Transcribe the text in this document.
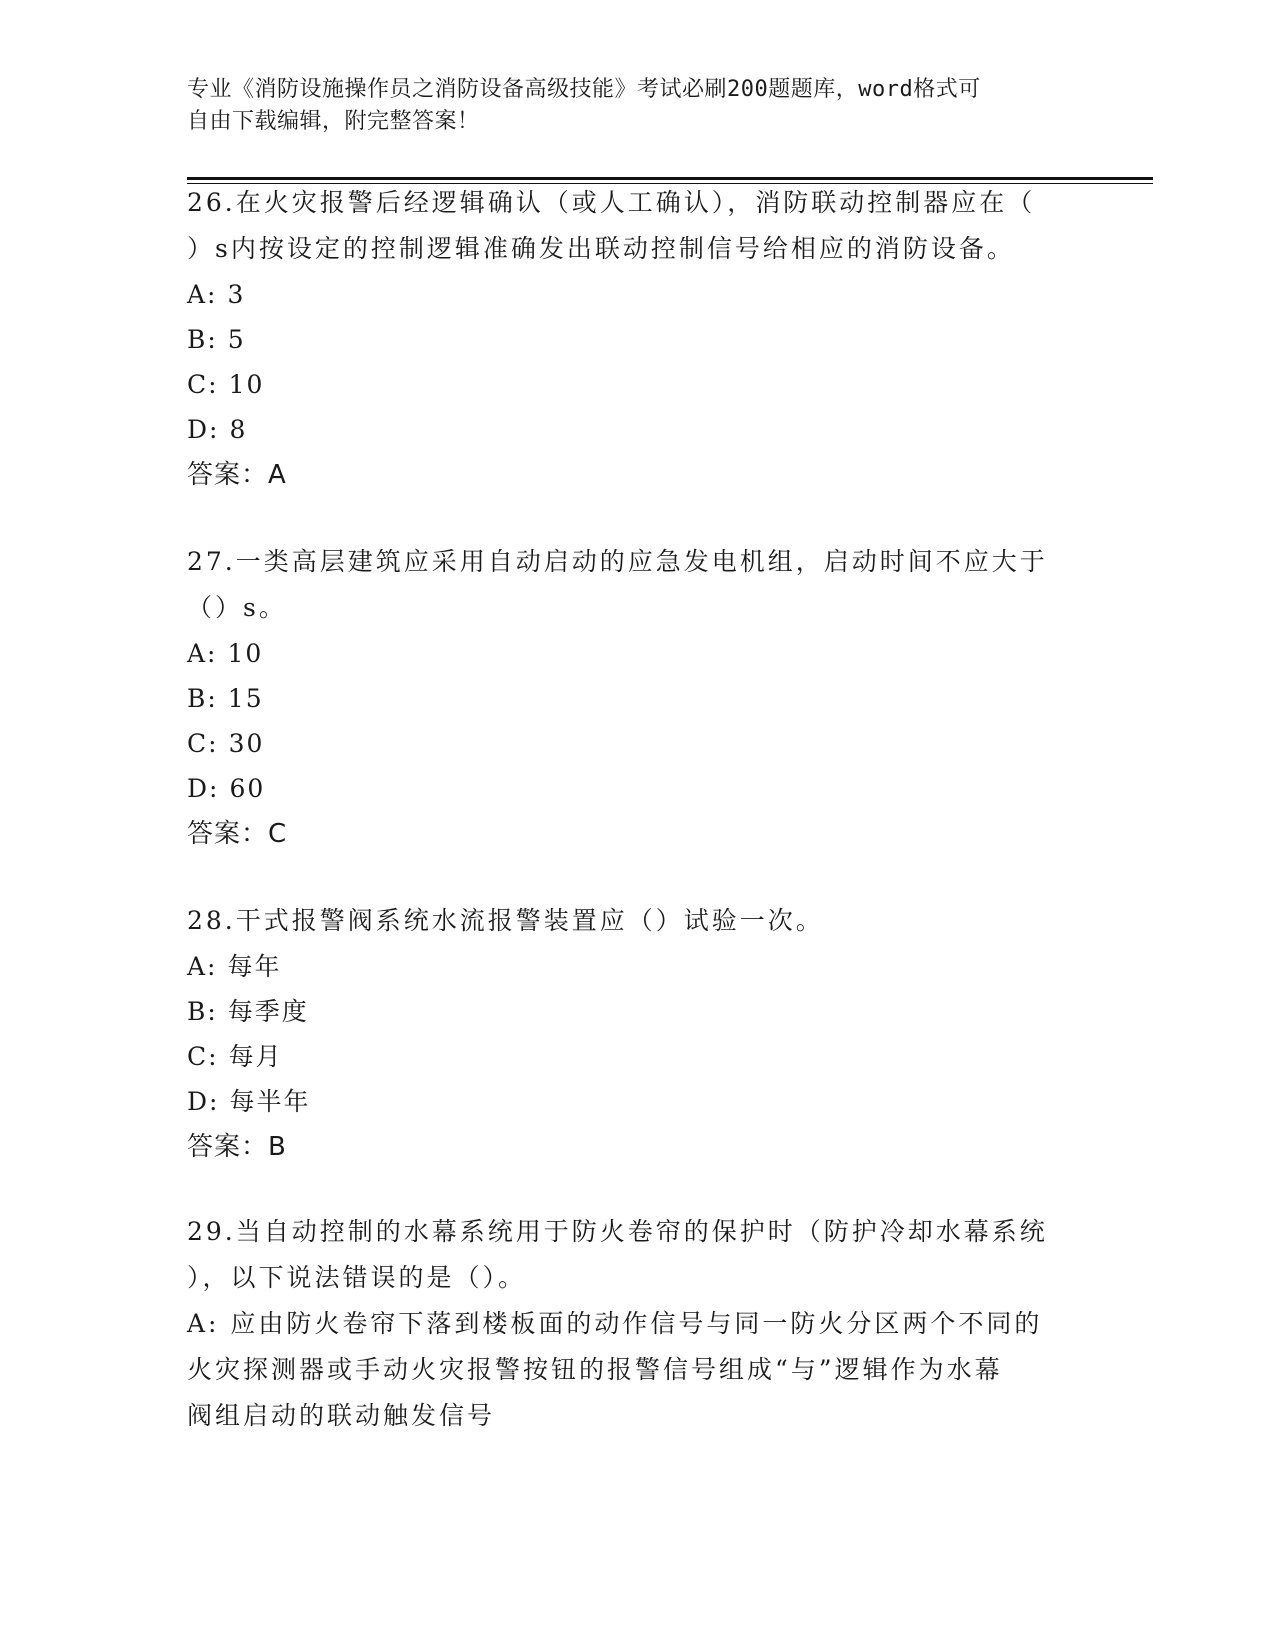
专业《消防设施操作员之消防设备高级技能》考试必刷200题题库，word格式可
自由下载编辑，附完整答案！
26.在火灾报警后经逻辑确认（或人工确认），消防联动控制器应在（
）s内按设定的控制逻辑准确发出联动控制信号给相应的消防设备。
A: 3
B: 5
C: 10
D: 8
答案：A
27.一类高层建筑应采用自动启动的应急发电机组，启动时间不应大于
（）s。
A: 10
B: 15
C: 30
D: 60
答案：C
28.干式报警阀系统水流报警装置应（）试验一次。
A: 每年
B: 每季度
C: 每月
D: 每半年
答案：B
29.当自动控制的水幕系统用于防火卷帘的保护时（防护冷却水幕系统
），以下说法错误的是（）。
A: 应由防火卷帘下落到楼板面的动作信号与同一防火分区两个不同的
火灾探测器或手动火灾报警按钮的报警信号组成“与”逻辑作为水幕
阀组启动的联动触发信号
